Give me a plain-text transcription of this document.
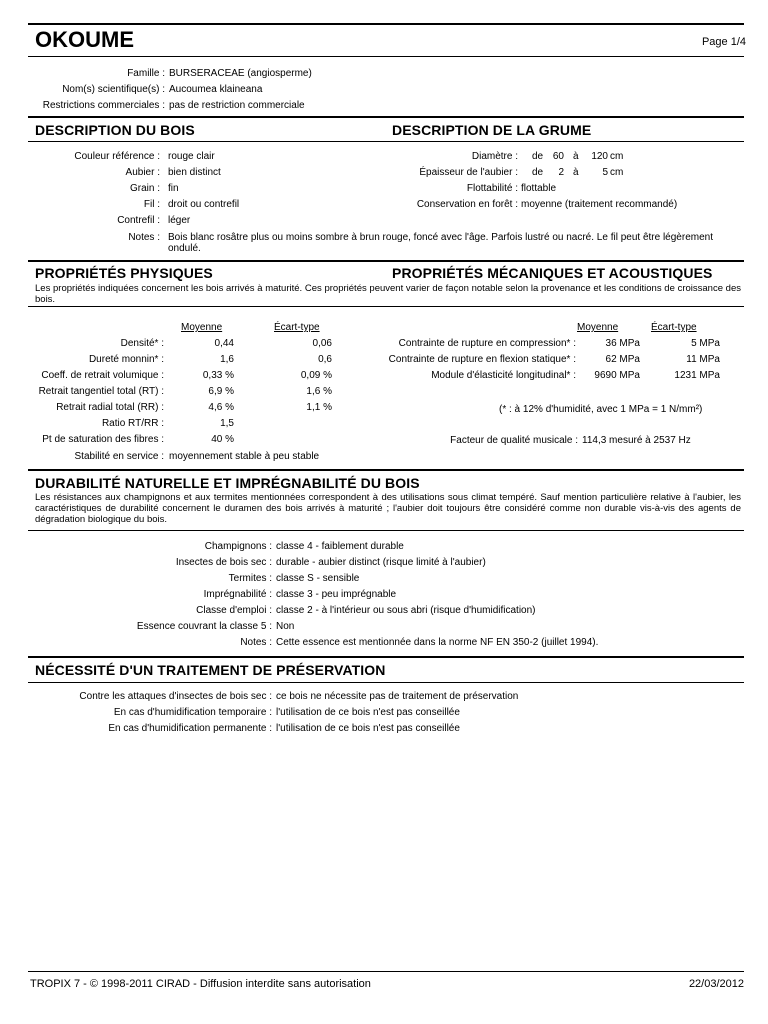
OKOUME	Page 1/4
Famille : BURSERACEAE (angiosperme)
Nom(s) scientifique(s) : Aucoumea klaineana
Restrictions commerciales : pas de restriction commerciale
DESCRIPTION DU BOIS	DESCRIPTION DE LA GRUME
Couleur référence : rouge clair
Aubier : bien distinct
Grain : fin
Fil : droit ou contrefil
Contrefil : léger
Notes : Bois blanc rosâtre plus ou moins sombre à brun rouge, foncé avec l'âge. Parfois lustré ou nacré. Le fil peut être légèrement ondulé.
Diamètre : de 60 à 120 cm
Épaisseur de l'aubier : de 2 à 5 cm
Flottabilité : flottable
Conservation en forêt : moyenne (traitement recommandé)
PROPRIÉTÉS PHYSIQUES	PROPRIÉTÉS MÉCANIQUES ET ACOUSTIQUES
Les propriétés indiquées concernent les bois arrivés à maturité. Ces propriétés peuvent varier de façon notable selon la provenance et les conditions de croissance des bois.
Moyenne	Écart-type	Moyenne	Écart-type
Densité* :	0,44	0,06
Dureté monnin* :	1,6	0,6
Coeff. de retrait volumique :	0,33 %	0,09 %
Retrait tangentiel total (RT) :	6,9 %	1,6 %
Retrait radial total (RR) :	4,6 %	1,1 %
Ratio RT/RR :	1,5
Pt de saturation des fibres :	40 %
Stabilité en service : moyennement stable à peu stable
Contrainte de rupture en compression* :	36 MPa	5 MPa
Contrainte de rupture en flexion statique* :	62 MPa	11 MPa
Module d'élasticité longitudinal* : 9690 MPa	1231 MPa
(* : à 12% d'humidité, avec 1 MPa = 1 N/mm²)
Facteur de qualité musicale : 114,3 mesuré à 2537 Hz
DURABILITÉ NATURELLE ET IMPRÉGNABILITÉ DU BOIS
Les résistances aux champignons et aux termites mentionnées correspondent à des utilisations sous climat tempéré. Sauf mention particulière relative à l'aubier, les caractéristiques de durabilité concernent le duramen des bois arrivés à maturité ; l'aubier doit toujours être considéré comme non durable vis-à-vis des agents de dégradation biologique du bois.
Champignons : classe 4 - faiblement durable
Insectes de bois sec : durable - aubier distinct (risque limité à l'aubier)
Termites : classe S - sensible
Imprégnabilité : classe 3 - peu imprégnable
Classe d'emploi : classe 2 - à l'intérieur ou sous abri (risque d'humidification)
Essence couvrant la classe 5 : Non
Notes : Cette essence est mentionnée dans la norme NF EN 350-2 (juillet 1994).
NÉCESSITÉ D'UN TRAITEMENT DE PRÉSERVATION
Contre les attaques d'insectes de bois sec : ce bois ne nécessite pas de traitement de préservation
En cas d'humidification temporaire : l'utilisation de ce bois n'est pas conseillée
En cas d'humidification permanente : l'utilisation de ce bois n'est pas conseillée
TROPIX 7 - © 1998-2011 CIRAD - Diffusion interdite sans autorisation	22/03/2012
